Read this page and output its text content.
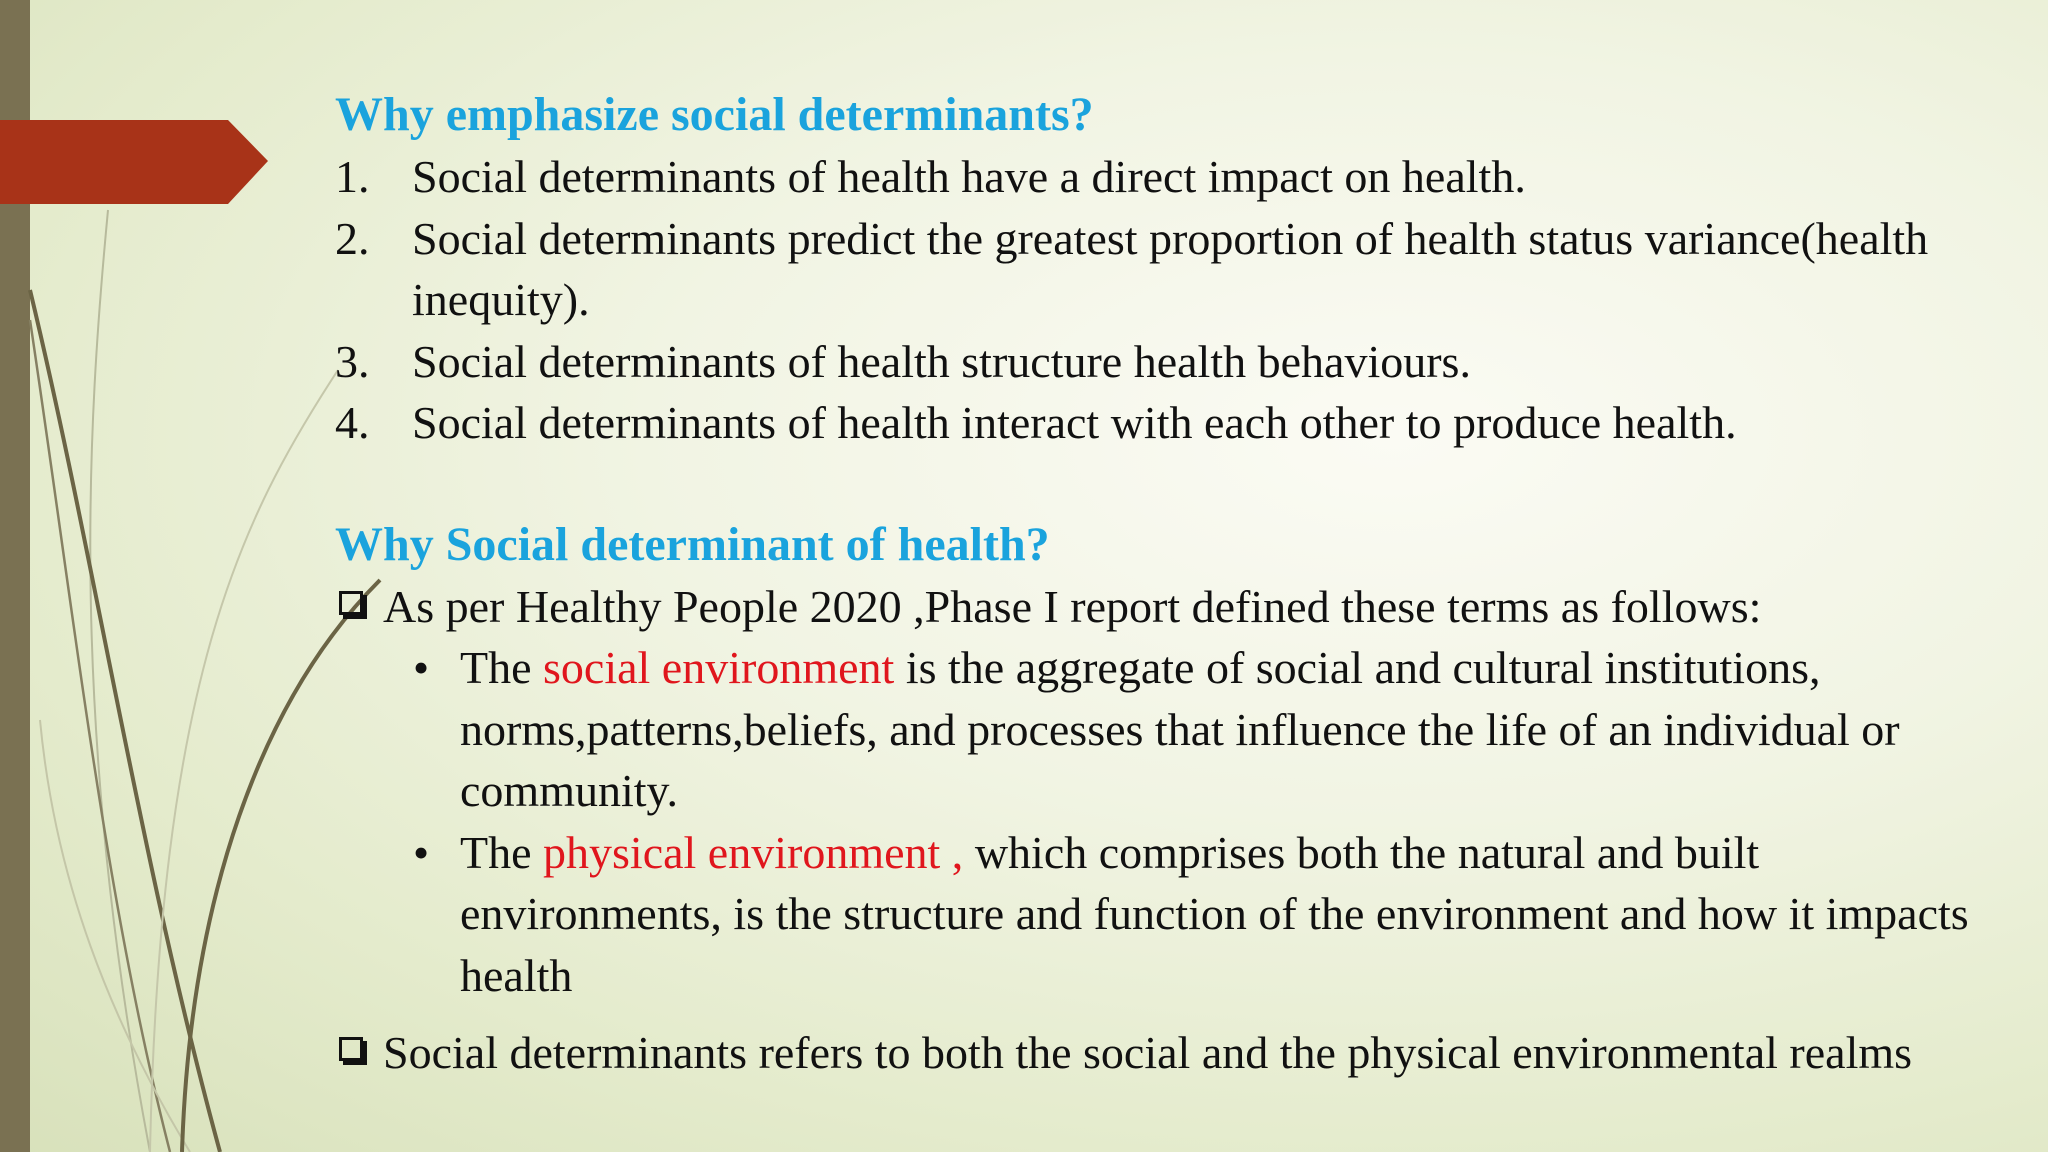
Why emphasize social determinants?
1. Social determinants of health have a direct impact on health.
2. Social determinants predict the greatest proportion of health status variance(health inequity).
3. Social determinants of health structure health behaviours.
4. Social determinants of health interact with each other to produce health.
Why Social determinant of health?
As per Healthy People 2020 ,Phase I report defined these terms as follows:
• The social environment is the aggregate of social and cultural institutions, norms,patterns,beliefs, and processes that influence the life of an individual or community.
• The physical environment , which comprises both the natural and built environments, is the structure and function of the environment and how it impacts health
Social determinants refers to both the social and the physical environmental realms
